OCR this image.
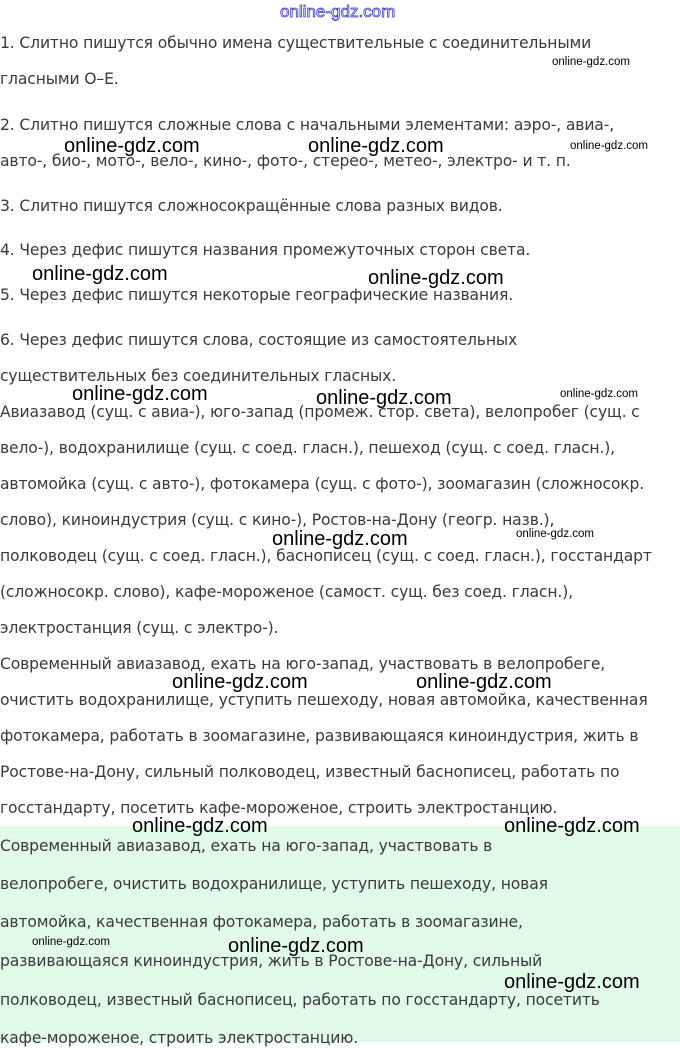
1. Слитно пишутся обычно имена существительные с соединительными
гласными О–Е.
2. Слитно пишутся сложные слова с начальными элементами: аэро-, авиа-,
авто-, био-, мото-, вело-, кино-, фото-, стерео-, метео-, электро- и т. п.
3. Слитно пишутся сложносокращённые слова разных видов.
4. Через дефис пишутся названия промежуточных сторон света.
5. Через дефис пишутся некоторые географические названия.
6. Через дефис пишутся слова, состоящие из самостоятельных
существительных без соединительных гласных.
Авиазавод (сущ. с авиа-), юго-запад (промеж. стор. света), велопробег (сущ. с
вело-), водохранилище (сущ. с соед. гласн.), пешеход (сущ. с соед. гласн.),
автомойка (сущ. с авто-), фотокамера (сущ. с фото-), зоомагазин (сложносокр.
слово), киноиндустрия (сущ. с кино-), Ростов-на-Дону (геогр. назв.),
полководец (сущ. с соед. гласн.), баснописец (сущ. с соед. гласн.), госстандарт
(сложносокр. слово), кафе-мороженое (самост. сущ. без соед. гласн.),
электростанция (сущ. с электро-).
Современный авиазавод, ехать на юго-запад, участвовать в велопробеге,
очистить водохранилище, уступить пешеходу, новая автомойка, качественная
фотокамера, работать в зоомагазине, развивающаяся киноиндустрия, жить в
Ростове-на-Дону, сильный полководец, известный баснописец, работать по
госстандарту, посетить кафе-мороженое, строить электростанцию.
Современный авиазавод, ехать на юго-запад, участвовать в
велопробеге, очистить водохранилище, уступить пешеходу, новая
автомойка, качественная фотокамера, работать в зоомагазине,
развивающаяся киноиндустрия, жить в Ростове-на-Дону, сильный
полководец, известный баснописец, работать по госстандарту, посетить
кафе-мороженое, строить электростанцию.
online-gdz.com
online-gdz.com
online-gdz.com	online-gdz.com	online-gdz.com
online-gdz.com	online-gdz.com
online-gdz.com	online-gdz.com	online-gdz.com
online-gdz.com	online-gdz.com
online-gdz.com	online-gdz.com
online-gdz.com	online-gdz.com
online-gdz.com	online-gdz.com
online-gdz.com
